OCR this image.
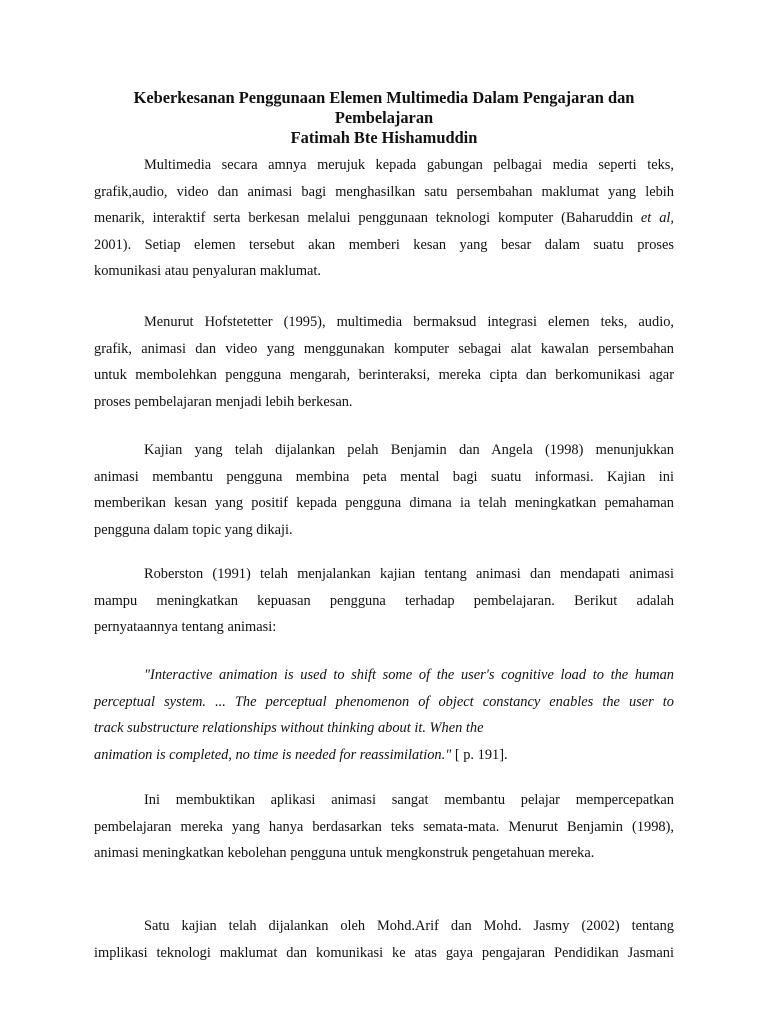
Keberkesanan Penggunaan Elemen Multimedia Dalam Pengajaran dan
Pembelajaran
Fatimah Bte Hishamuddin
Multimedia secara amnya merujuk kepada gabungan pelbagai media seperti teks,
grafik,audio, video dan animasi bagi menghasilkan satu persembahan maklumat yang lebih
menarik, interaktif serta berkesan melalui penggunaan teknologi komputer (Baharuddin et al,
2001). Setiap elemen tersebut akan memberi kesan yang besar dalam suatu proses
komunikasi atau penyaluran maklumat.
Menurut Hofstetetter (1995), multimedia bermaksud integrasi elemen teks, audio,
grafik, animasi dan video yang menggunakan komputer sebagai alat kawalan persembahan
untuk membolehkan pengguna mengarah, berinteraksi, mereka cipta dan berkomunikasi agar
proses pembelajaran menjadi lebih berkesan.
Kajian yang telah dijalankan pelah Benjamin dan Angela (1998) menunjukkan
animasi membantu pengguna membina peta mental bagi suatu informasi. Kajian ini
memberikan kesan yang positif kepada pengguna dimana ia telah meningkatkan pemahaman
pengguna dalam topic yang dikaji.
Roberston (1991) telah menjalankan kajian tentang animasi dan mendapati animasi
mampu meningkatkan kepuasan pengguna terhadap pembelajaran. Berikut adalah
pernyataannya tentang animasi:
"Interactive animation is used to shift some of the user's cognitive load to the human
perceptual system. ... The perceptual phenomenon of object constancy enables the user to
track substructure relationships without thinking about it. When the
animation is completed, no time is needed for reassimilation." [ p. 191].
Ini membuktikan aplikasi animasi sangat membantu pelajar mempercepatkan
pembelajaran mereka yang hanya berdasarkan teks semata-mata. Menurut Benjamin (1998),
animasi meningkatkan kebolehan pengguna untuk mengkonstruk pengetahuan mereka.
Satu kajian telah dijalankan oleh Mohd.Arif dan Mohd. Jasmy (2002) tentang
implikasi teknologi maklumat dan komunikasi ke atas gaya pengajaran Pendidikan Jasmani
